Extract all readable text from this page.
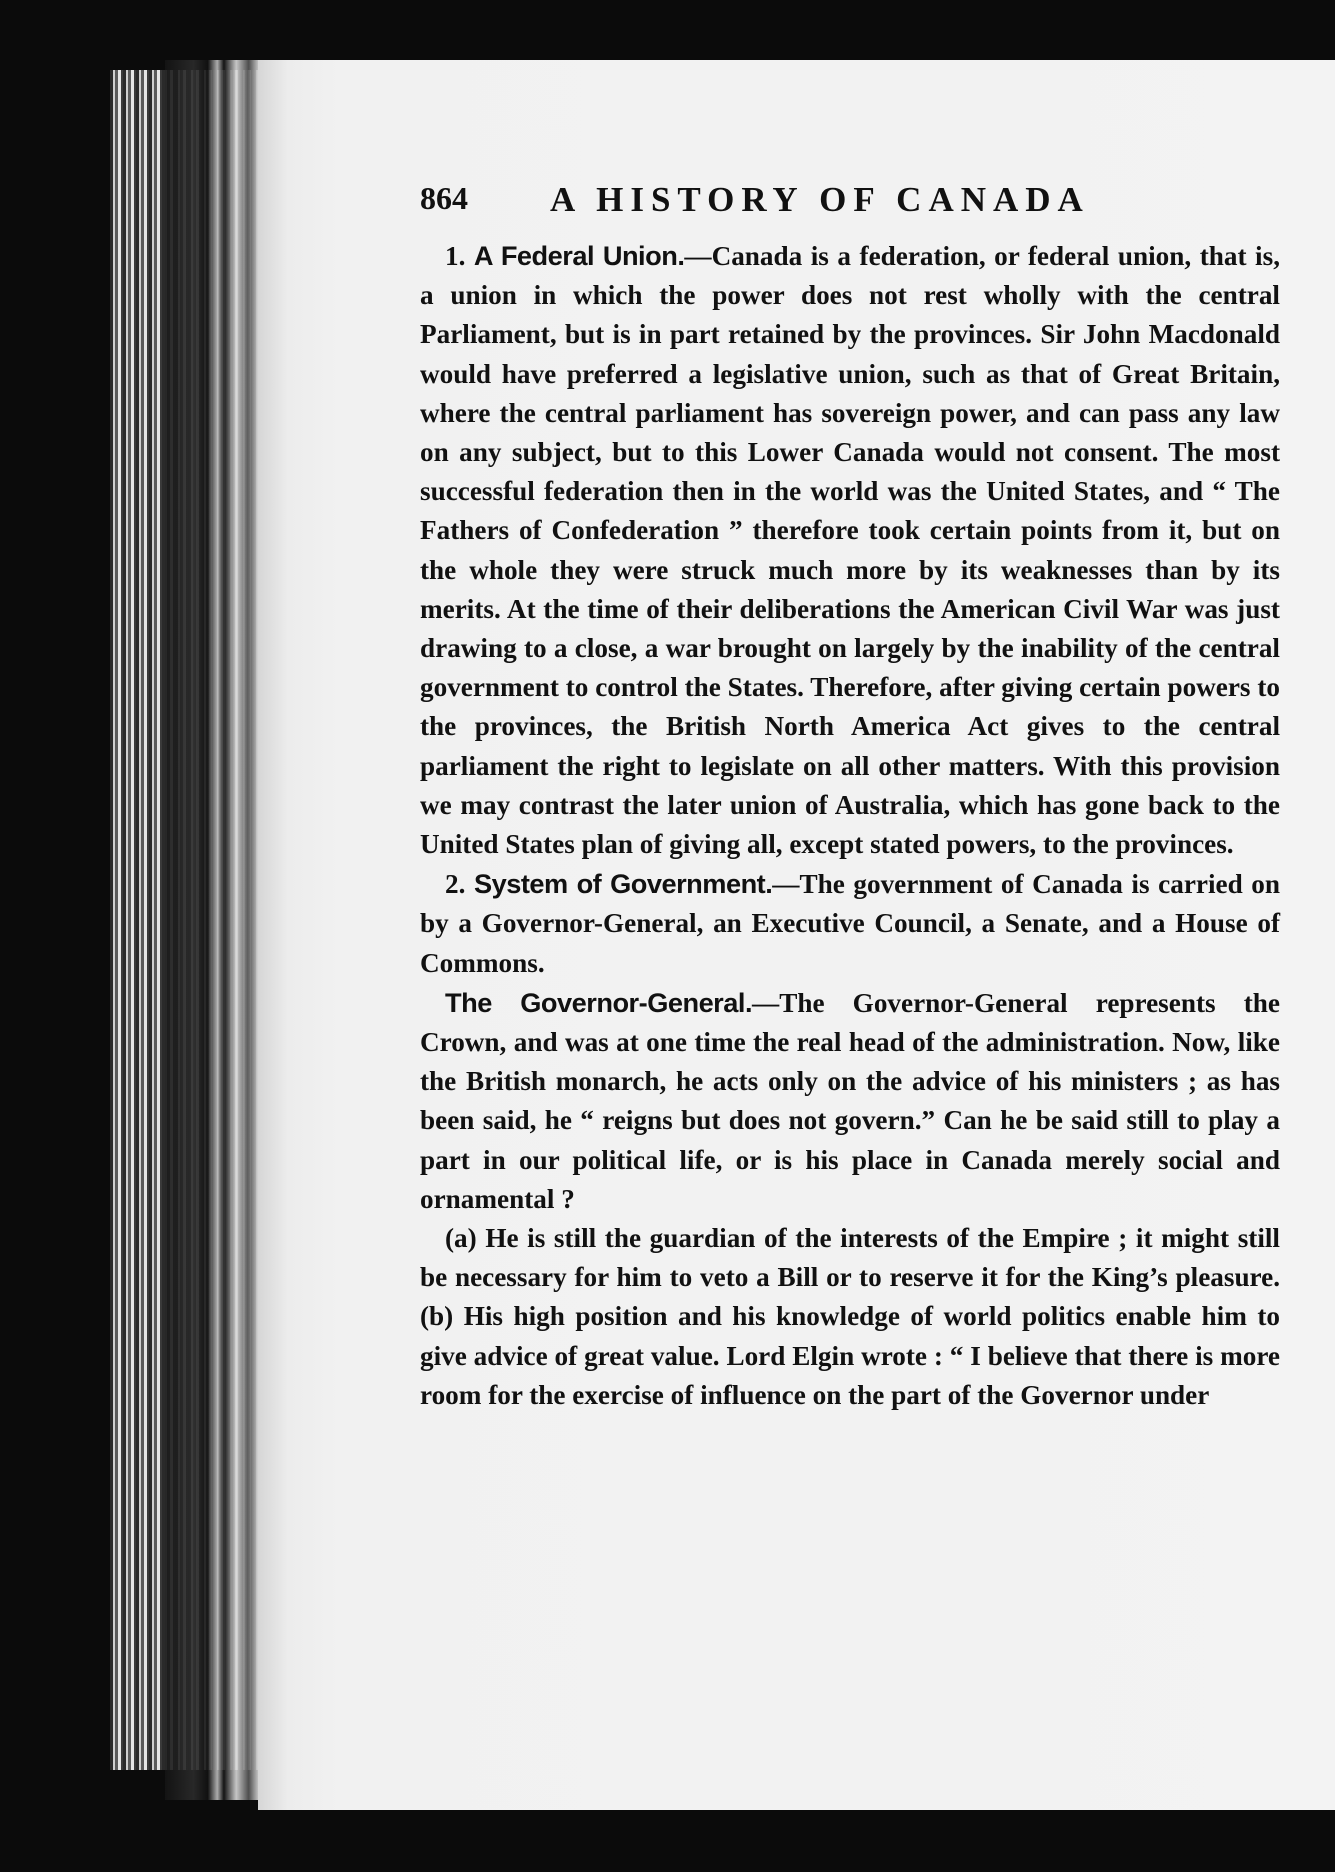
864 A HISTORY OF CANADA

1. A Federal Union.—Canada is a federation, or federal union, that is, a union in which the power does not rest wholly with the central Parliament, but is in part retained by the provinces. Sir John Macdonald would have preferred a legislative union, such as that of Great Britain, where the central parliament has sovereign power, and can pass any law on any subject, but to this Lower Canada would not consent. The most successful federation then in the world was the United States, and “ The Fathers of Confederation ” therefore took certain points from it, but on the whole they were struck much more by its weaknesses than by its merits. At the time of their deliberations the American Civil War was just drawing to a close, a war brought on largely by the inability of the central government to control the States. Therefore, after giving certain powers to the provinces, the British North America Act gives to the central parliament the right to legislate on all other matters. With this provision we may contrast the later union of Australia, which has gone back to the United States plan of giving all, except stated powers, to the provinces.

2. System of Government.—The government of Canada is carried on by a Governor-General, an Executive Council, a Senate, and a House of Commons.

The Governor-General.—The Governor-General represents the Crown, and was at one time the real head of the administration. Now, like the British monarch, he acts only on the advice of his ministers ; as has been said, he “ reigns but does not govern.” Can he be said still to play a part in our political life, or is his place in Canada merely social and ornamental ?

(a) He is still the guardian of the interests of the Empire ; it might still be necessary for him to veto a Bill or to reserve it for the King’s pleasure. (b) His high position and his knowledge of world politics enable him to give advice of great value. Lord Elgin wrote : “ I believe that there is more room for the exercise of influence on the part of the Governor under
